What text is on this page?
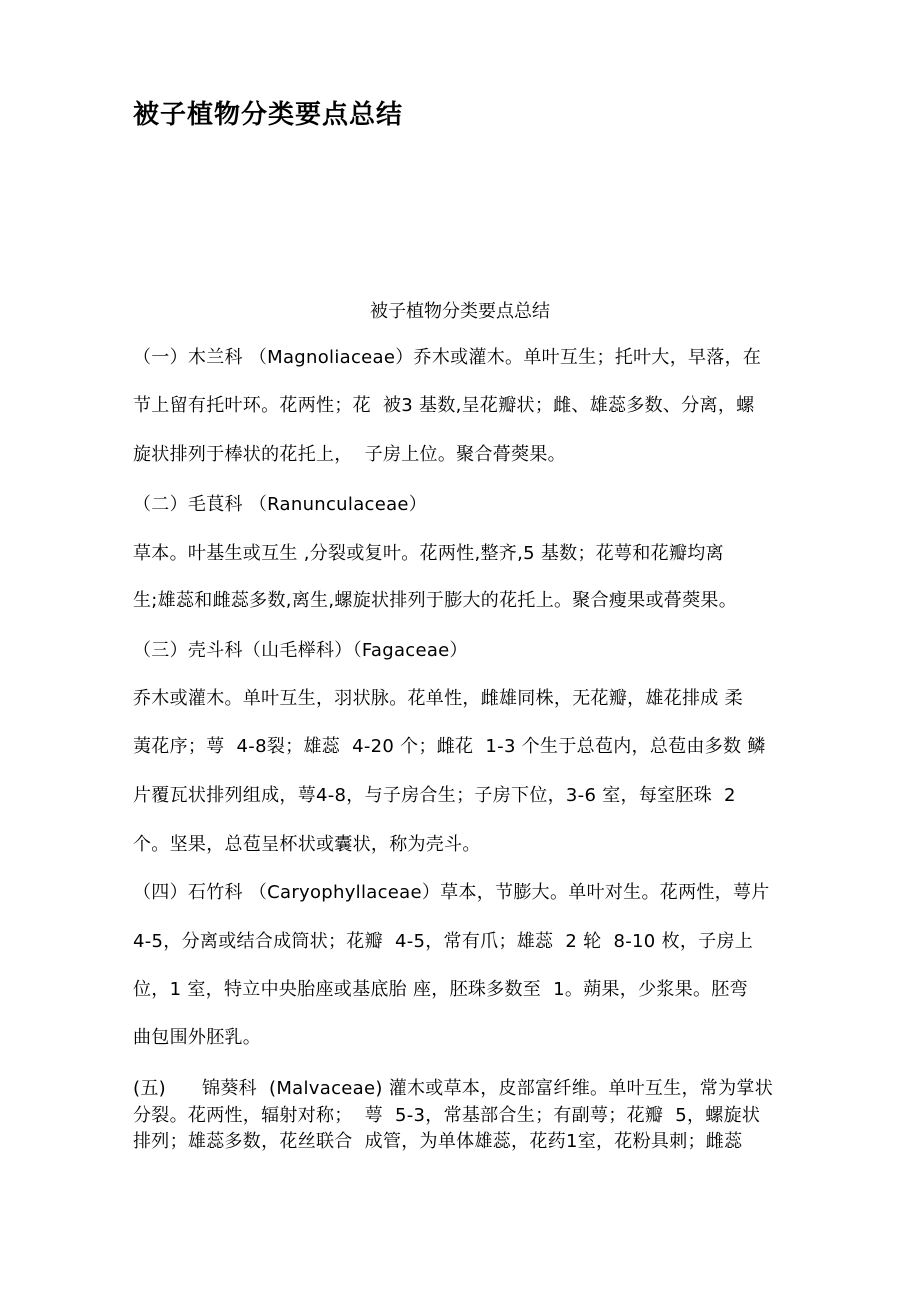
被子植物分类要点总结
被子植物分类要点总结
（一）木兰科 （Magnoliaceae）乔木或灌木。单叶互生；托叶大，早落，在
节上留有托叶环。花两性；花  被3 基数,呈花瓣状；雌、雄蕊多数、分离，螺
旋状排列于棒状的花托上，  子房上位。聚合蓇葖果。
（二）毛茛科 （Ranunculaceae）
草本。叶基生或互生 ,分裂或复叶。花两性,整齐,5 基数；花萼和花瓣均离
生;雄蕊和雌蕊多数,离生,螺旋状排列于膨大的花托上。聚合瘦果或蓇葖果。
（三）壳斗科（山毛榉科）（Fagaceae）
乔木或灌木。单叶互生，羽状脉。花单性，雌雄同株，无花瓣，雄花排成 柔
荑花序；萼  4-8裂；雄蕊  4-20 个；雌花  1-3 个生于总苞内，总苞由多数 鳞
片覆瓦状排列组成，萼4-8，与子房合生；子房下位，3-6 室，每室胚珠  2
个。坚果，总苞呈杯状或囊状，称为壳斗。
（四）石竹科 （Caryophyllaceae）草本，节膨大。单叶对生。花两性，萼片
4-5，分离或结合成筒状；花瓣  4-5，常有爪；雄蕊  2 轮  8-10 枚，子房上
位，1 室，特立中央胎座或基底胎 座，胚珠多数至  1。蒴果，少浆果。胚弯
曲包围外胚乳。
(五)      锦葵科  (Malvaceae) 灌木或草本，皮部富纤维。单叶互生，常为掌状
分裂。花两性，辐射对称；  萼  5-3，常基部合生；有副萼；花瓣  5，螺旋状
排列；雄蕊多数，花丝联合  成管，为单体雄蕊，花药1室，花粉具刺；雌蕊
